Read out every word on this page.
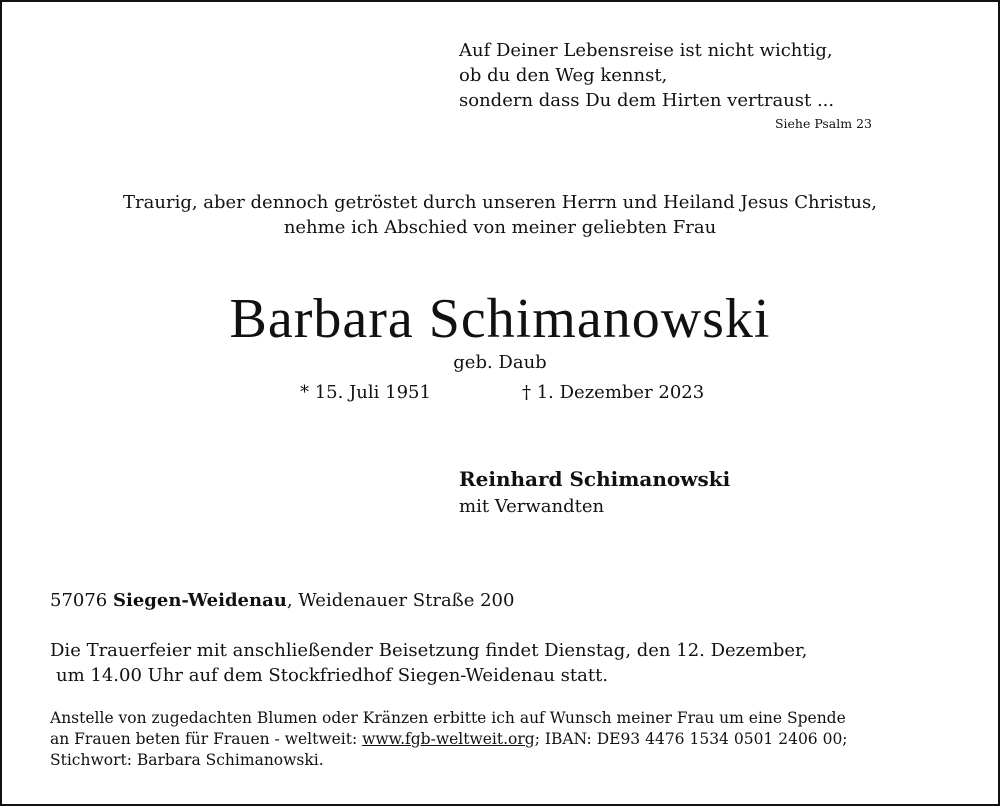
Auf Deiner Lebensreise ist nicht wichtig,
ob du den Weg kennst,
sondern dass Du dem Hirten vertraust ...
Siehe Psalm 23
Traurig, aber dennoch getröstet durch unseren Herrn und Heiland Jesus Christus,
nehme ich Abschied von meiner geliebten Frau
Barbara Schimanowski
geb. Daub
* 15. Juli 1951	† 1. Dezember 2023
Reinhard Schimanowski
mit Verwandten
57076 Siegen-Weidenau, Weidenauer Straße 200
Die Trauerfeier mit anschließender Beisetzung findet Dienstag, den 12. Dezember,
um 14.00 Uhr auf dem Stockfriedhof Siegen-Weidenau statt.
Anstelle von zugedachten Blumen oder Kränzen erbitte ich auf Wunsch meiner Frau um eine Spende
an Frauen beten für Frauen - weltweit: www.fgb-weltweit.org; IBAN: DE93 4476 1534 0501 2406 00;
Stichwort: Barbara Schimanowski.
